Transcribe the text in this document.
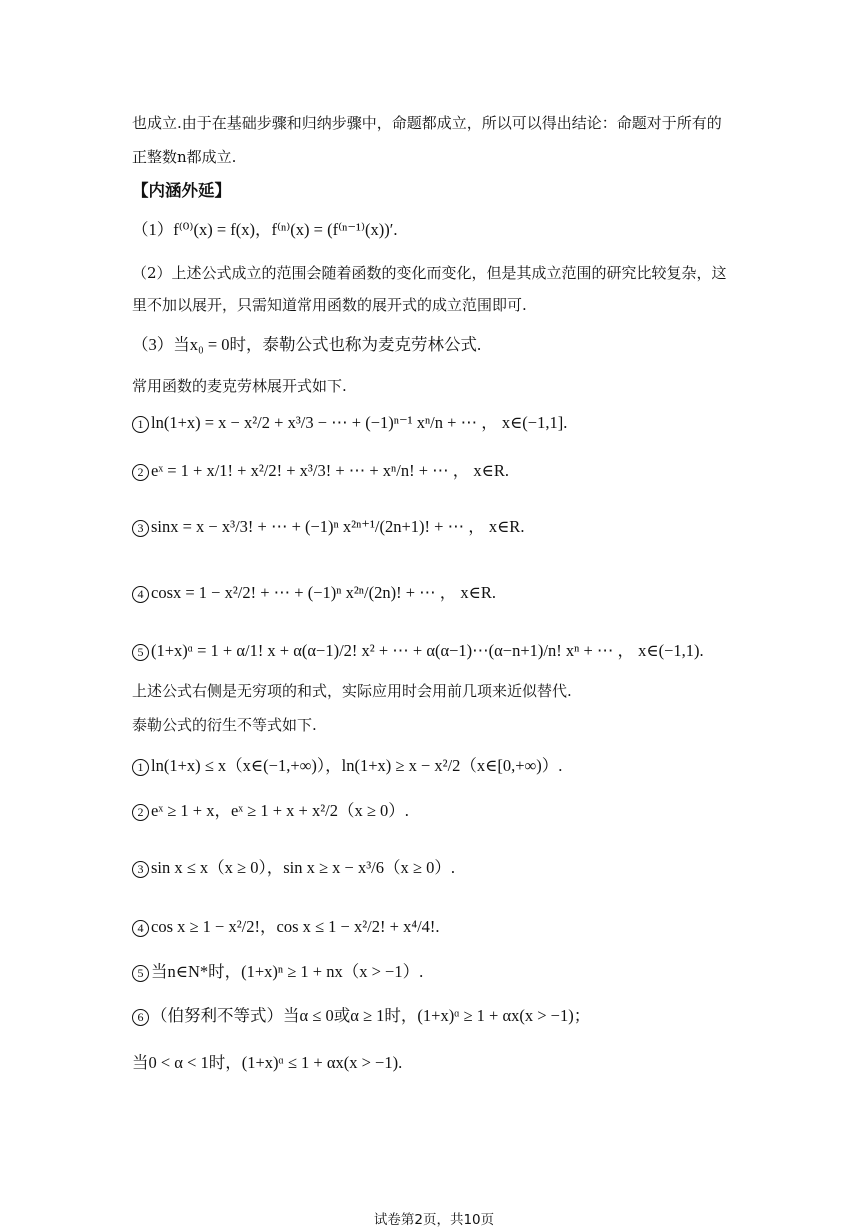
也成立.由于在基础步骤和归纳步骤中，命题都成立，所以可以得出结论：命题对于所有的
正整数n都成立.
【内涵外延】
（1）f⁽⁰⁾(x) = f(x)，f⁽ⁿ⁾(x) = (f⁽ⁿ⁻¹⁾(x))′.
（2）上述公式成立的范围会随着函数的变化而变化，但是其成立范围的研究比较复杂，这
里不加以展开，只需知道常用函数的展开式的成立范围即可.
（3）当x₀ = 0时，泰勒公式也称为麦克劳林公式.
常用函数的麦克劳林展开式如下.
1 ln(1+x) = x − x²/2 + x³/3 − ⋯ + (−1)ⁿ⁻¹ xⁿ/n + ⋯ ， x∈(−1,1].
2 eˣ = 1 + x/1! + x²/2! + x³/3! + ⋯ + xⁿ/n! + ⋯ ， x∈R.
3 sinx = x − x³/3! + ⋯ + (−1)ⁿ x²ⁿ⁺¹/(2n+1)! + ⋯ ， x∈R.
4 cosx = 1 − x²/2! + ⋯ + (−1)ⁿ x²ⁿ/(2n)! + ⋯ ， x∈R.
5 (1+x)ᵅ = 1 + α/1! x + α(α−1)/2! x² + ⋯ + α(α−1)⋯(α−n+1)/n! xⁿ + ⋯ ， x∈(−1,1).
上述公式右侧是无穷项的和式，实际应用时会用前几项来近似替代.
泰勒公式的衍生不等式如下.
1 ln(1+x) ≤ x（x∈(−1,+∞)），ln(1+x) ≥ x − x²/2（x∈[0,+∞)）.
2 eˣ ≥ 1 + x，eˣ ≥ 1 + x + x²/2（x ≥ 0）.
3 sin x ≤ x（x ≥ 0），sin x ≥ x − x³/6（x ≥ 0）.
4 cos x ≥ 1 − x²/2!，cos x ≤ 1 − x²/2! + x⁴/4!.
5 当n∈N*时，(1+x)ⁿ ≥ 1 + nx（x > −1）.
6 （伯努利不等式）当α ≤ 0或α ≥ 1时，(1+x)ᵅ ≥ 1 + αx(x > −1)；
当0 < α < 1时，(1+x)ᵅ ≤ 1 + αx(x > −1).
试卷第2页，共10页
